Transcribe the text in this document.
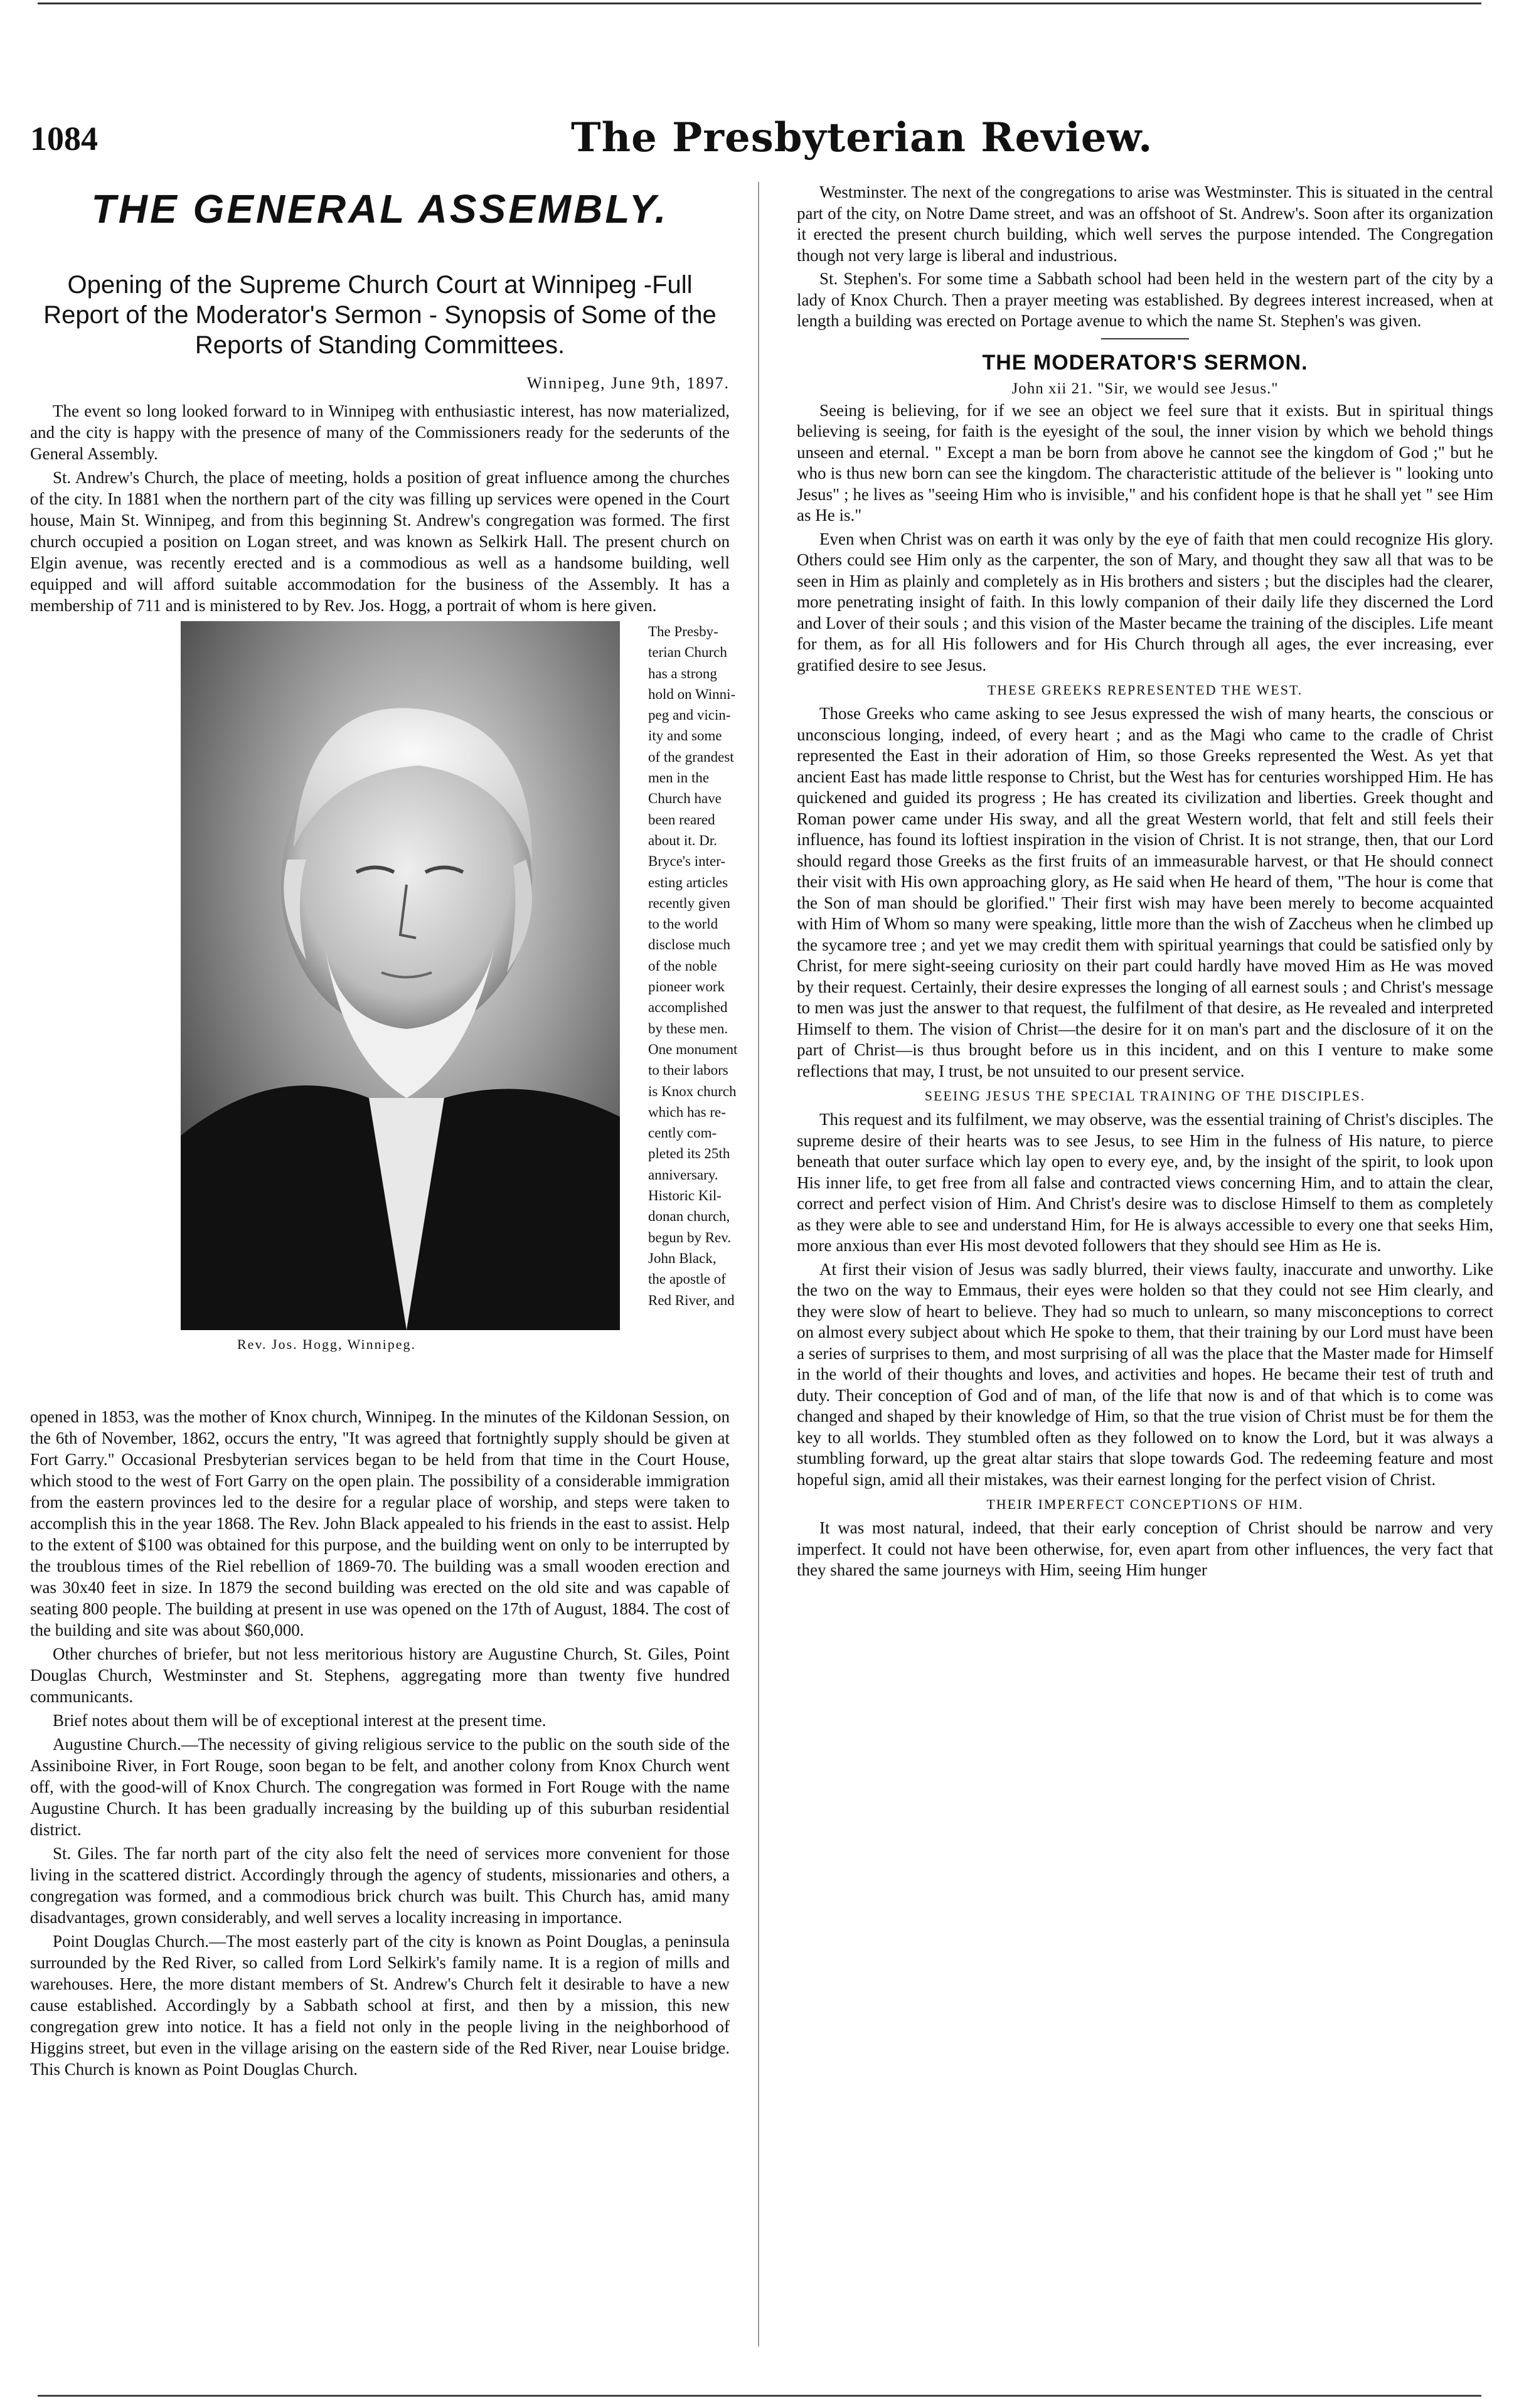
1084	The Presbyterian Review.
THE GENERAL ASSEMBLY.
Opening of the Supreme Church Court at Winnipeg -Full Report of the Moderator's Sermon - Synopsis of Some of the Reports of Standing Committees.
Winnipeg, June 9th, 1897.

The event so long looked forward to in Winnipeg with enthusiastic interest, has now materialized, and the city is happy with the presence of many of the Commissioners ready for the sederunts of the General Assembly.

St. Andrew's Church, the place of meeting, holds a position of great influence among the churches of the city. In 1881 when the northern part of the city was filling up services were opened in the Court house, Main St. Winnipeg, and from this beginning St. Andrew's congregation was formed. The first church occupied a position on Logan street, and was known as Selkirk Hall. The present church on Elgin avenue, was recently erected and is a commodious as well as a handsome building, well equipped and will afford suitable accommodation for the business of the Assembly. It has a membership of 711 and is ministered to by Rev. Jos. Hogg, a portrait of whom is here given.

Rev. Jos. Hogg, Winnipeg.
The Presby-
terian Church
has a strong
hold on Winni-
peg and vicin-
ity and some
of the grandest
men in the
Church have
been reared
about it. Dr.
Bryce's inter-
esting articles
recently given
to the world
disclose much
of the noble
pioneer work
accomplished
by these men.
One monument
to their labors
is Knox church
which has re-
cently com-
pleted its 25th
anniversary.
Historic Kil-
donan church,
begun by Rev.
John Black,
the apostle of
Red River, and

opened in 1853, was the mother of Knox church, Winnipeg. In the minutes of the Kildonan Session, on the 6th of November, 1862, occurs the entry, "It was agreed that fortnightly supply should be given at Fort Garry." Occasional Presbyterian services began to be held from that time in the Court House, which stood to the west of Fort Garry on the open plain. The possibility of a considerable immigration from the eastern provinces led to the desire for a regular place of worship, and steps were taken to accomplish this in the year 1868. The Rev. John Black appealed to his friends in the east to assist. Help to the extent of $100 was obtained for this purpose, and the building went on only to be interrupted by the troublous times of the Riel rebellion of 1869-70. The building was a small wooden erection and was 30x40 feet in size. In 1879 the second building was erected on the old site and was capable of seating 800 people. The building at present in use was opened on the 17th of August, 1884. The cost of the building and site was about $60,000.

Other churches of briefer, but not less meritorious history are Augustine Church, St. Giles, Point Douglas Church, Westminster and St. Stephens, aggregating more than twenty five hundred communicants.

Brief notes about them will be of exceptional interest at the present time.

Augustine Church.—The necessity of giving religious service to the public on the south side of the Assiniboine River, in Fort Rouge, soon began to be felt, and another colony from Knox Church went off, with the good-will of Knox Church. The congregation was formed in Fort Rouge with the name Augustine Church. It has been gradually increasing by the building up of this suburban residential district.

St. Giles. The far north part of the city also felt the need of services more convenient for those living in the scattered district. Accordingly through the agency of students, missionaries and others, a congregation was formed, and a commodious brick church was built. This Church has, amid many disadvantages, grown considerably, and well serves a locality increasing in importance.

Point Douglas Church.—The most easterly part of the city is known as Point Douglas, a peninsula surrounded by the Red River, so called from Lord Selkirk's family name. It is a region of mills and warehouses. Here, the more distant members of St. Andrew's Church felt it desirable to have a new cause established. Accordingly by a Sabbath school at first, and then by a mission, this new congregation grew into notice. It has a field not only in the people living in the neighborhood of Higgins street, but even in the village arising on the eastern side of the Red River, near Louise bridge. This Church is known as Point Douglas Church.

Westminster. The next of the congregations to arise was Westminster. This is situated in the central part of the city, on Notre Dame street, and was an offshoot of St. Andrew's. Soon after its organization it erected the present church building, which well serves the purpose intended. The Congregation though not very large is liberal and industrious.

St. Stephen's. For some time a Sabbath school had been held in the western part of the city by a lady of Knox Church. Then a prayer meeting was established. By degrees interest increased, when at length a building was erected on Portage avenue to which the name St. Stephen's was given.

THE MODERATOR'S SERMON.
John xii 21. "Sir, we would see Jesus."

Seeing is believing, for if we see an object we feel sure that it exists. But in spiritual things believing is seeing, for faith is the eyesight of the soul, the inner vision by which we behold things unseen and eternal. " Except a man be born from above he cannot see the kingdom of God ;" but he who is thus new born can see the kingdom. The characteristic attitude of the believer is " looking unto Jesus" ; he lives as "seeing Him who is invisible," and his confident hope is that he shall yet " see Him as He is."

Even when Christ was on earth it was only by the eye of faith that men could recognize His glory. Others could see Him only as the carpenter, the son of Mary, and thought they saw all that was to be seen in Him as plainly and completely as in His brothers and sisters ; but the disciples had the clearer, more penetrating insight of faith. In this lowly companion of their daily life they discerned the Lord and Lover of their souls ; and this vision of the Master became the training of the disciples. Life meant for them, as for all His followers and for His Church through all ages, the ever increasing, ever gratified desire to see Jesus.

THESE GREEKS REPRESENTED THE WEST.

Those Greeks who came asking to see Jesus expressed the wish of many hearts, the conscious or unconscious longing, indeed, of every heart ; and as the Magi who came to the cradle of Christ represented the East in their adoration of Him, so those Greeks represented the West. As yet that ancient East has made little response to Christ, but the West has for centuries worshipped Him. He has quickened and guided its progress ; He has created its civilization and liberties. Greek thought and Roman power came under His sway, and all the great Western world, that felt and still feels their influence, has found its loftiest inspiration in the vision of Christ. It is not strange, then, that our Lord should regard those Greeks as the first fruits of an immeasurable harvest, or that He should connect their visit with His own approaching glory, as He said when He heard of them, "The hour is come that the Son of man should be glorified." Their first wish may have been merely to become acquainted with Him of Whom so many were speaking, little more than the wish of Zaccheus when he climbed up the sycamore tree ; and yet we may credit them with spiritual yearnings that could be satisfied only by Christ, for mere sight-seeing curiosity on their part could hardly have moved Him as He was moved by their request. Certainly, their desire expresses the longing of all earnest souls ; and Christ's message to men was just the answer to that request, the fulfilment of that desire, as He revealed and interpreted Himself to them. The vision of Christ—the desire for it on man's part and the disclosure of it on the part of Christ—is thus brought before us in this incident, and on this I venture to make some reflections that may, I trust, be not unsuited to our present service.

SEEING JESUS THE SPECIAL TRAINING OF THE DISCIPLES.

This request and its fulfilment, we may observe, was the essential training of Christ's disciples. The supreme desire of their hearts was to see Jesus, to see Him in the fulness of His nature, to pierce beneath that outer surface which lay open to every eye, and, by the insight of the spirit, to look upon His inner life, to get free from all false and contracted views concerning Him, and to attain the clear, correct and perfect vision of Him. And Christ's desire was to disclose Himself to them as completely as they were able to see and understand Him, for He is always accessible to every one that seeks Him, more anxious than ever His most devoted followers that they should see Him as He is.

At first their vision of Jesus was sadly blurred, their views faulty, inaccurate and unworthy. Like the two on the way to Emmaus, their eyes were holden so that they could not see Him clearly, and they were slow of heart to believe. They had so much to unlearn, so many misconceptions to correct on almost every subject about which He spoke to them, that their training by our Lord must have been a series of surprises to them, and most surprising of all was the place that the Master made for Himself in the world of their thoughts and loves, and activities and hopes. He became their test of truth and duty. Their conception of God and of man, of the life that now is and of that which is to come was changed and shaped by their knowledge of Him, so that the true vision of Christ must be for them the key to all worlds. They stumbled often as they followed on to know the Lord, but it was always a stumbling forward, up the great altar stairs that slope towards God. The redeeming feature and most hopeful sign, amid all their mistakes, was their earnest longing for the perfect vision of Christ.

THEIR IMPERFECT CONCEPTIONS OF HIM.

It was most natural, indeed, that their early conception of Christ should be narrow and very imperfect. It could not have been otherwise, for, even apart from other influences, the very fact that they shared the same journeys with Him, seeing Him hunger
